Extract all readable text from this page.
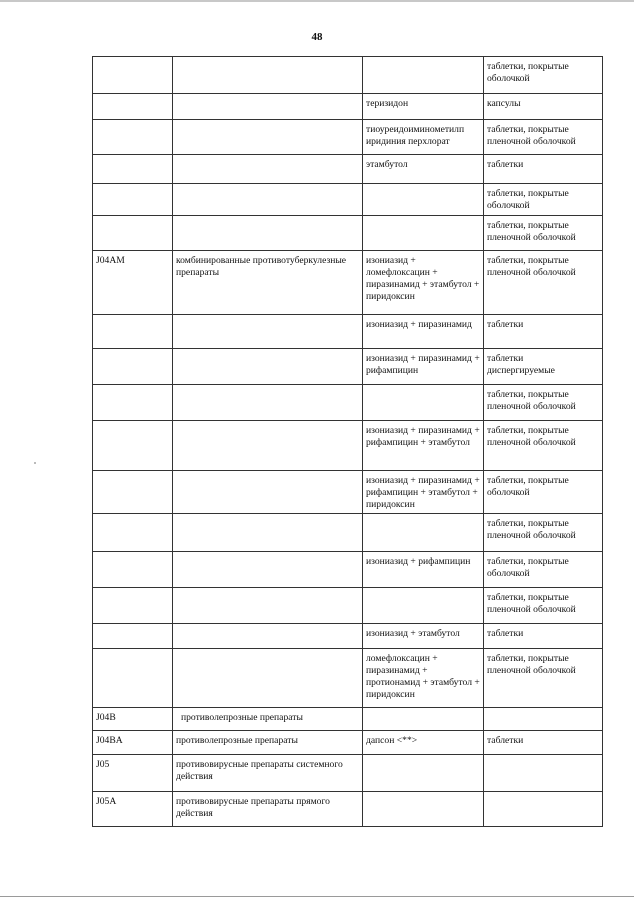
48

			таблетки, покрытые
оболочкой

		теризидон	капсулы

		тиоуреидоиминометилп иридиния перхлорат	таблетки, покрытые
пленочной оболочкой

		этамбутол	таблетки

			таблетки, покрытые
оболочкой

			таблетки, покрытые
пленочной оболочкой

J04AM	комбинированные противотуберкулезные препараты	изониазид + ломефлоксацин + пиразинамид + этамбутол + пиридоксин	таблетки, покрытые
пленочной оболочкой

		изониазид + пиразинамид	таблетки

		изониазид + пиразинамид + рифампицин	таблетки
диспергируемые

			таблетки, покрытые
пленочной оболочкой

		изониазид + пиразинамид + рифампицин + этамбутол	таблетки, покрытые
пленочной оболочкой

		изониазид + пиразинамид + рифампицин + этамбутол + пиридоксин	таблетки, покрытые
оболочкой

			таблетки, покрытые
пленочной оболочкой

		изониазид + рифампицин	таблетки, покрытые
оболочкой

			таблетки, покрытые
пленочной оболочкой

		изониазид + этамбутол	таблетки

		ломефлоксацин + пиразинамид + протионамид + этамбутол + пиридоксин	таблетки, покрытые
пленочной оболочкой

J04B	противолепрозные препараты		

J04BA	противолепрозные препараты	дапсон <**>	таблетки

J05	противовирусные препараты системного действия		

J05A	противовирусные препараты прямого действия		
